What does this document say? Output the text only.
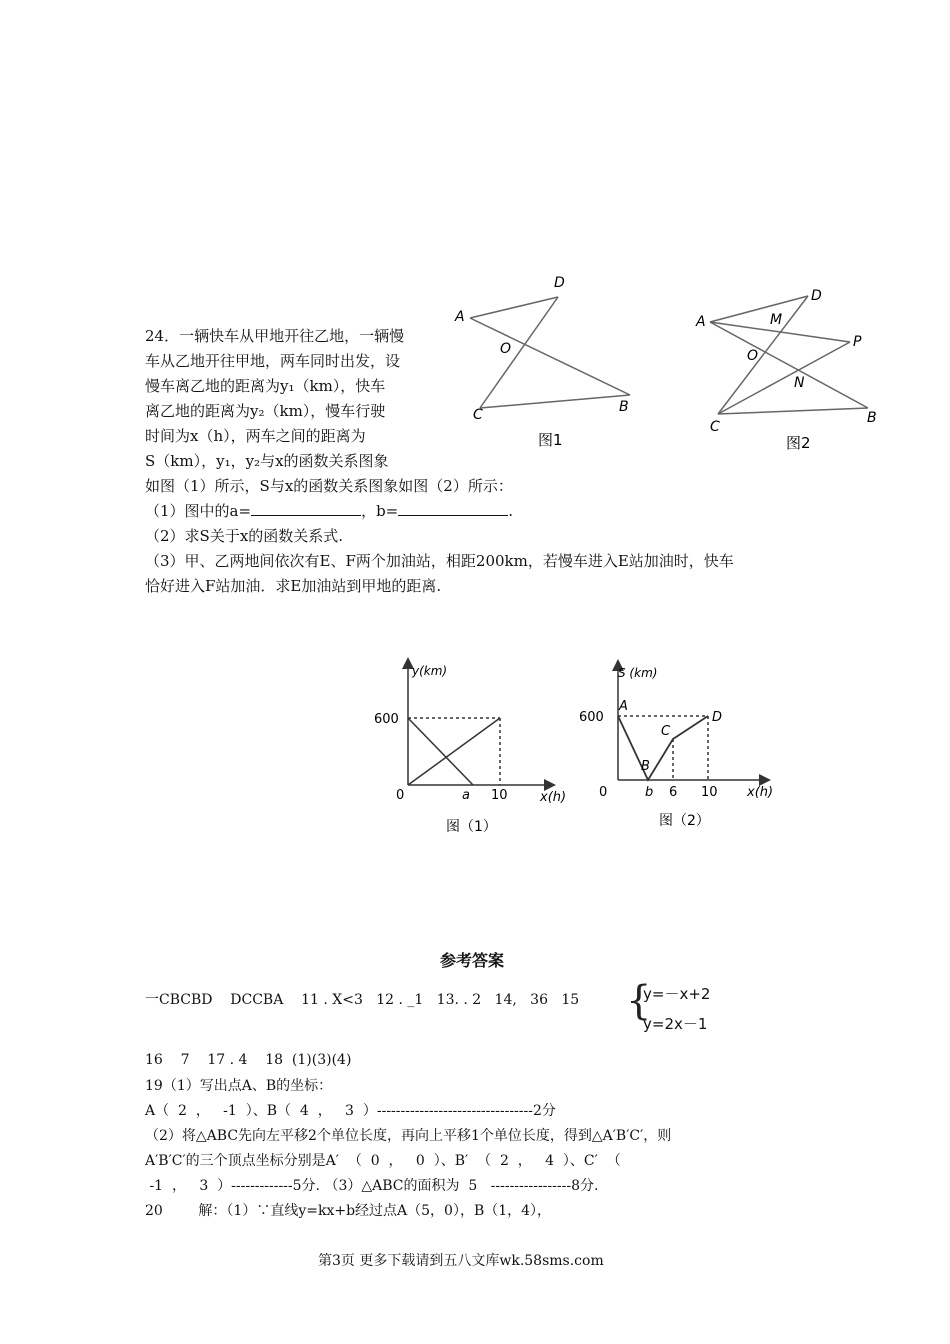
24．一辆快车从甲地开往乙地，一辆慢
车从乙地开往甲地，两车同时出发，设
慢车离乙地的距离为y₁（km），快车
离乙地的距离为y₂（km），慢车行驶
时间为x（h），两车之间的距离为
S（km），y₁，y₂与x的函数关系图象
如图（1）所示，S与x的函数关系图象如图（2）所示：
（1）图中的a=	，b=	.
（2）求S关于x的函数关系式.
（3）甲、乙两地间依次有E、F两个加油站，相距200km，若慢车进入E站加油时，快车
恰好进入F站加油．求E加油站到甲地的距离.
A
D
O
C	B
图1
A
D
M
O
P
N
C
B
图2
y(km)
600
0	a 10 x(h)
图（1）
S (km)
600
A
B
C
D
0	b 6 10 x(h)
图（2）
参考答案
一CBCBD    DCCBA    11 . X<3   12 . _1   13. . 2   14,   36   15 {
y=－x+2
y=2x－1
16    7    17 . 4    18  (1)(3)(4)
19（1）写出点A、B的坐标：
A（  2  ，   -1  ）、B（  4  ，   3  ）---------------------------------2分
（2）将△ABC先向左平移2个单位长度，再向上平移1个单位长度，得到△A′B′C′，则
A′B′C′的三个顶点坐标分别是A′  （  0  ，   0  ）、B′  （  2  ，   4  ）、C′  （
-1  ，   3  ）-------------5分. （3）△ABC的面积为  5   -----------------8分.
20        解：（1）∵直线y=kx+b经过点A（5，0），B（1，4），
第3页 更多下载请到五八文库wk.58sms.com
